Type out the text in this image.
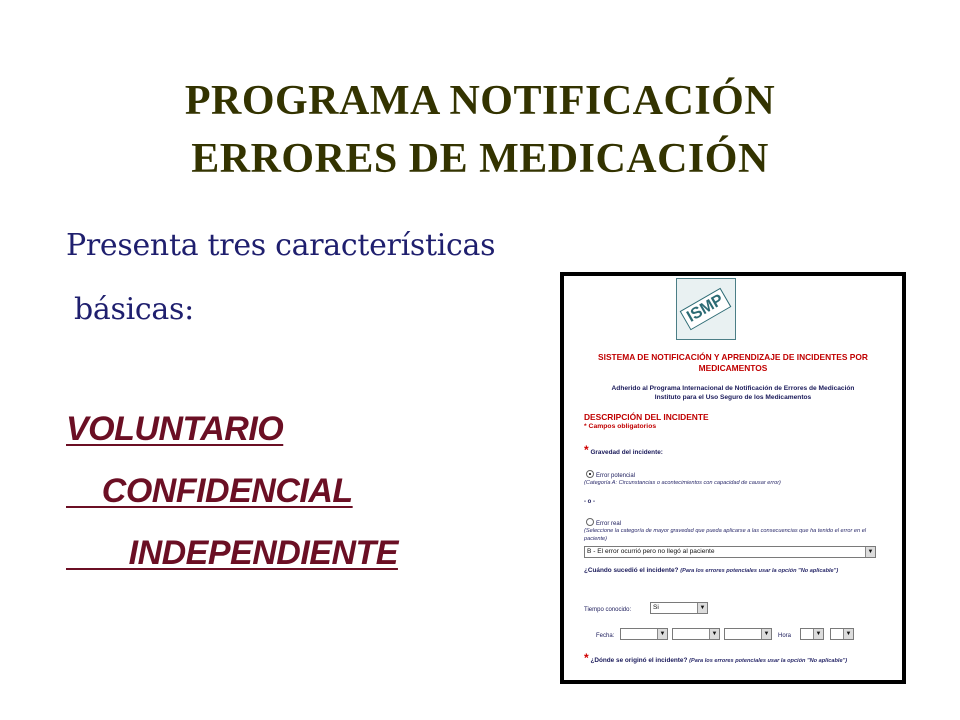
PROGRAMA NOTIFICACIÓN
ERRORES DE MEDICACIÓN
Presenta tres características
básicas:
VOLUNTARIO
CONFIDENCIAL
INDEPENDIENTE
ISMP
SISTEMA DE NOTIFICACIÓN Y APRENDIZAJE DE INCIDENTES POR MEDICAMENTOS
Adherido al Programa Internacional de Notificación de Errores de Medicación
Instituto para el Uso Seguro de los Medicamentos
DESCRIPCIÓN DEL INCIDENTE
* Campos obligatorios
* Gravedad del incidente:
Error potencial
(Categoría A: Circunstancias o acontecimientos con capacidad de causar error)
- o -
Error real
(Seleccione la categoría de mayor gravedad que pueda aplicarse a las consecuencias que ha tenido el error en el paciente)
B - El error ocurrió pero no llegó al paciente	▼
¿Cuándo sucedió el incidente? (Para los errores potenciales usar la opción "No aplicable")
Tiempo conocido:	Si	▼
Fecha:	▼	▼	▼ Hora	▼	▼
* ¿Dónde se originó el incidente? (Para los errores potenciales usar la opción "No aplicable")
